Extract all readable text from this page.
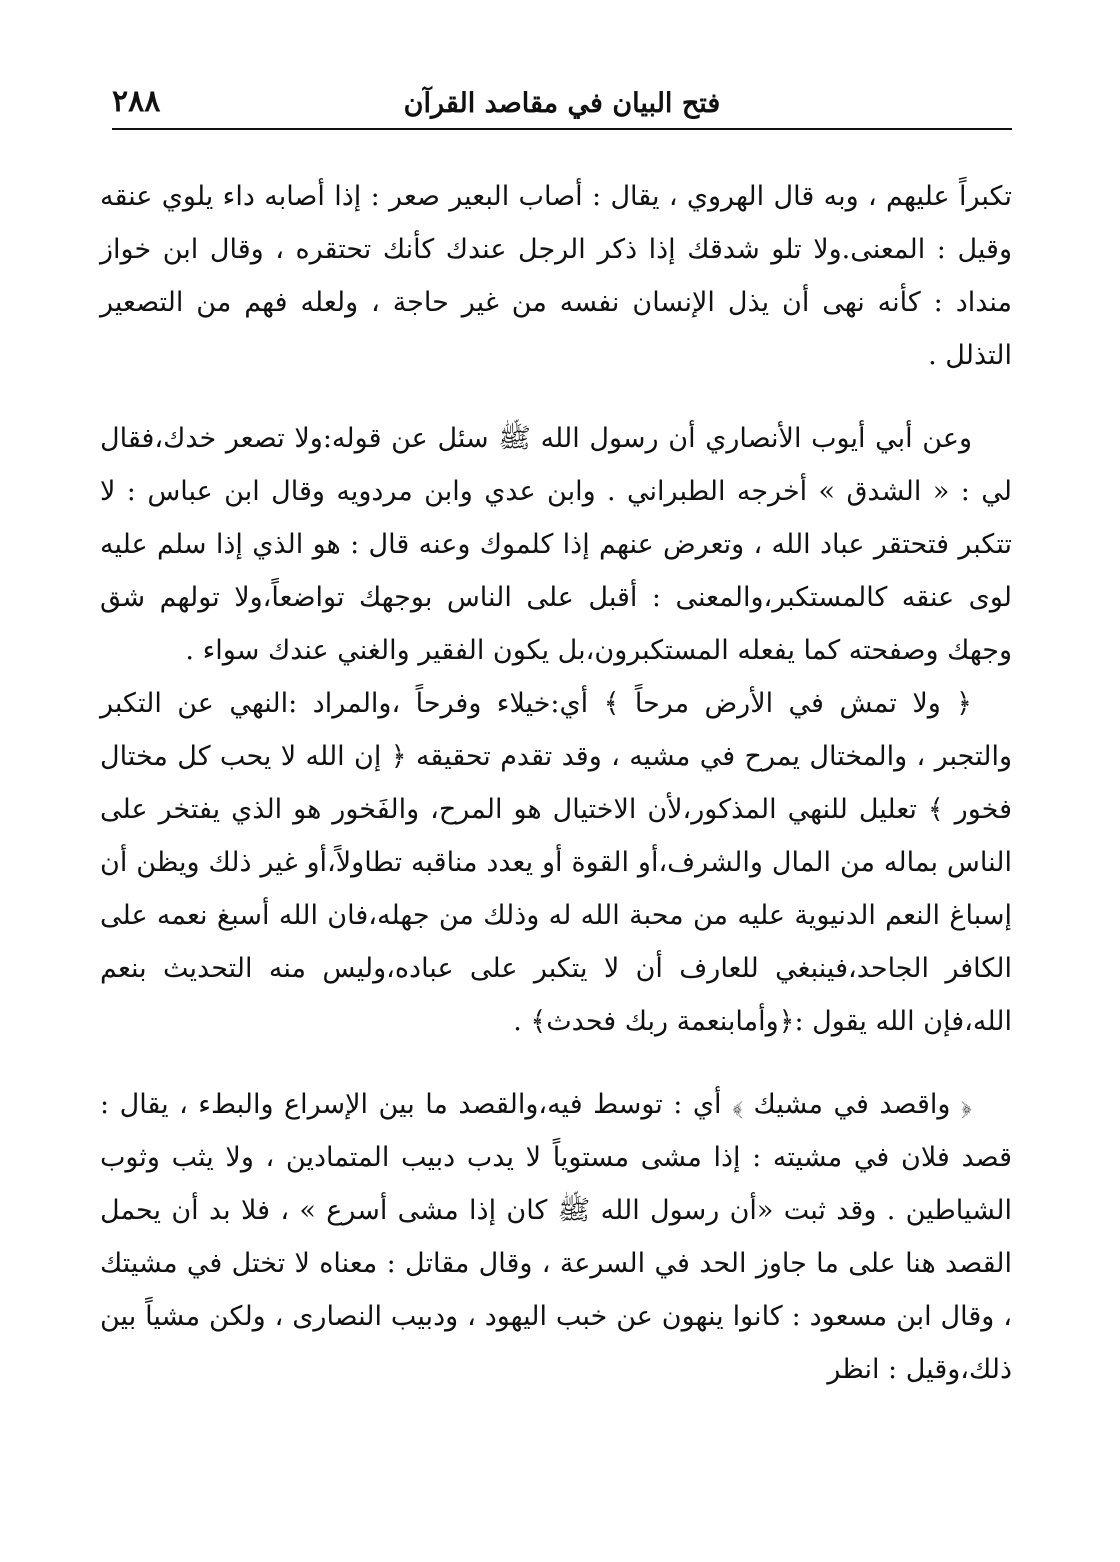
٢٨٨	فتح البيان في مقاصد القرآن

تكبراً عليهم ، وبه قال الهروي ، يقال : أصاب البعير صعر : إذا أصابه داء يلوي عنقه وقيل : المعنى.ولا تلو شدقك إذا ذكر الرجل عندك كأنك تحتقره ، وقال ابن خواز منداد : كأنه نهى أن يذل الإنسان نفسه من غير حاجة ، ولعله فهم من التصعير التذلل .

وعن أبي أيوب الأنصاري أن رسول الله ﷺ سئل عن قوله:ولا تصعر خدك،فقال لي : « الشدق » أخرجه الطبراني . وابن عدي وابن مردويه وقال ابن عباس : لا تتكبر فتحتقر عباد الله ، وتعرض عنهم إذا كلموك وعنه قال : هو الذي إذا سلم عليه لوى عنقه كالمستكبر،والمعنى : أقبل على الناس بوجهك تواضعاً،ولا تولهم شق وجهك وصفحته كما يفعله المستكبرون،بل يكون الفقير والغني عندك سواء .

﴿ ولا تمش في الأرض مرحاً ﴾ أي:خيلاء وفرحاً ،والمراد :النهي عن التكبر والتجبر ، والمختال يمرح في مشيه ، وقد تقدم تحقيقه ﴿ إن الله لا يحب كل مختال فخور ﴾ تعليل للنهي المذكور،لأن الاختيال هو المرح، والفَخور هو الذي يفتخر على الناس بماله من المال والشرف،أو القوة أو يعدد مناقبه تطاولاً،أو غير ذلك ويظن أن إسباغ النعم الدنيوية عليه من محبة الله له وذلك من جهله،فان الله أسبغ نعمه على الكافر الجاحد،فينبغي للعارف أن لا يتكبر على عباده،وليس منه التحديث بنعم الله،فإن الله يقول :﴿وأمابنعمة ربك فحدث﴾ .

﴿ واقصد في مشيك ﴾ أي : توسط فيه،والقصد ما بين الإسراع والبطء ، يقال : قصد فلان في مشيته : إذا مشى مستوياً لا يدب دبيب المتمادين ، ولا يثب وثوب الشياطين . وقد ثبت «أن رسول الله ﷺ كان إذا مشى أسرع » ، فلا بد أن يحمل القصد هنا على ما جاوز الحد في السرعة ، وقال مقاتل : معناه لا تختل في مشيتك ، وقال ابن مسعود : كانوا ينهون عن خبب اليهود ، ودبيب النصارى ، ولكن مشياً بين ذلك،وقيل : انظر
